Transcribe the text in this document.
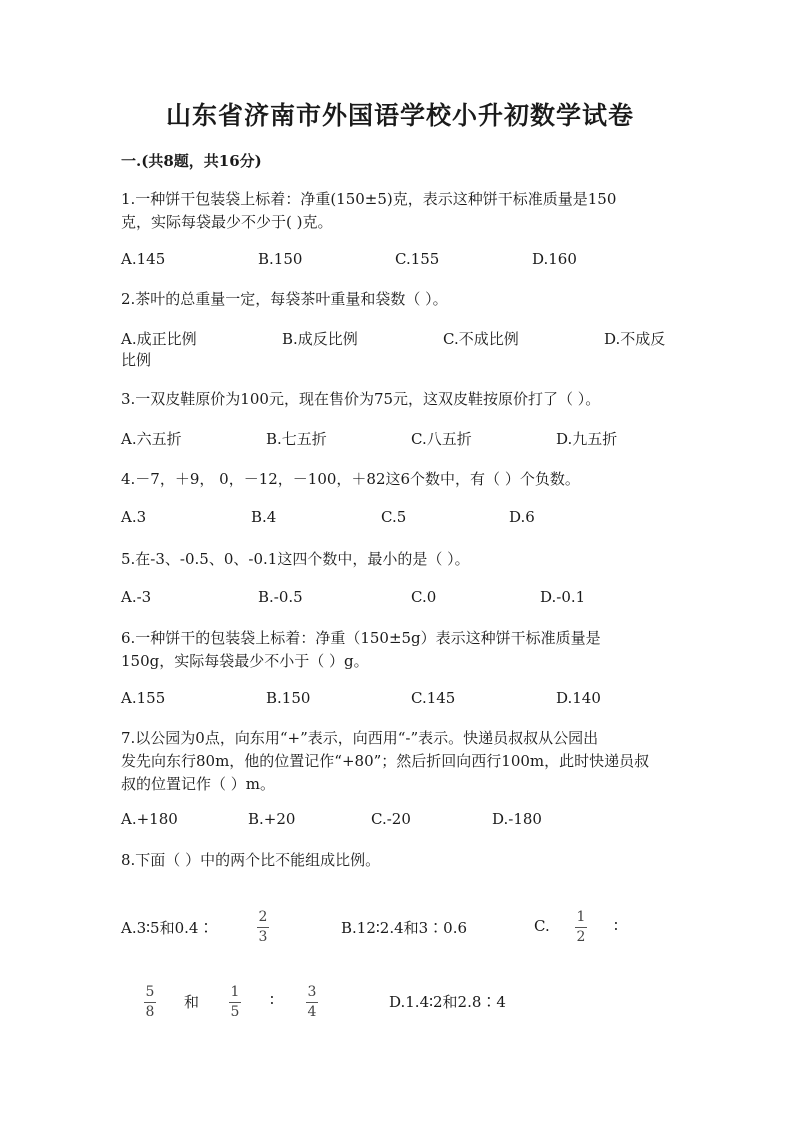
山东省济南市外国语学校小升初数学试卷
一.(共8题，共16分)
1.一种饼干包装袋上标着：净重(150±5)克，表示这种饼干标准质量是150
克，实际每袋最少不少于( )克。
A.145	B.150	C.155	D.160
2.茶叶的总重量一定，每袋茶叶重量和袋数（ ）。
A.成正比例	B.成反比例	C.不成比例	D.不成反
比例
3.一双皮鞋原价为100元，现在售价为75元，这双皮鞋按原价打了（ ）。
A.六五折	B.七五折	C.八五折	D.九五折
4.－7，＋9， 0，－12，－100，＋82这6个数中，有（ ）个负数。
A.3	B.4	C.5	D.6
5.在-3、-0.5、0、-0.1这四个数中，最小的是（ ）。
A.-3	B.-0.5	C.0	D.-0.1
6.一种饼干的包装袋上标着：净重（150±5g）表示这种饼干标准质量是
150g，实际每袋最少不小于（ ）g。
A.155	B.150	C.145	D.140
7.以公园为0点，向东用“+”表示，向西用“-”表示。快递员叔叔从公园出
发先向东行80m，他的位置记作“+80”；然后折回向西行100m，此时快递员叔
叔的位置记作（ ）m。
A.+180	B.+20	C.-20	D.-180
8.下面（ ）中的两个比不能组成比例。
A.3∶5和0.4∶
2
3	B.12∶2.4和3∶0.6	C. 1
2
∶
5
8
和
1
5
∶ 3
4
D.1.4∶2和2.8∶4
